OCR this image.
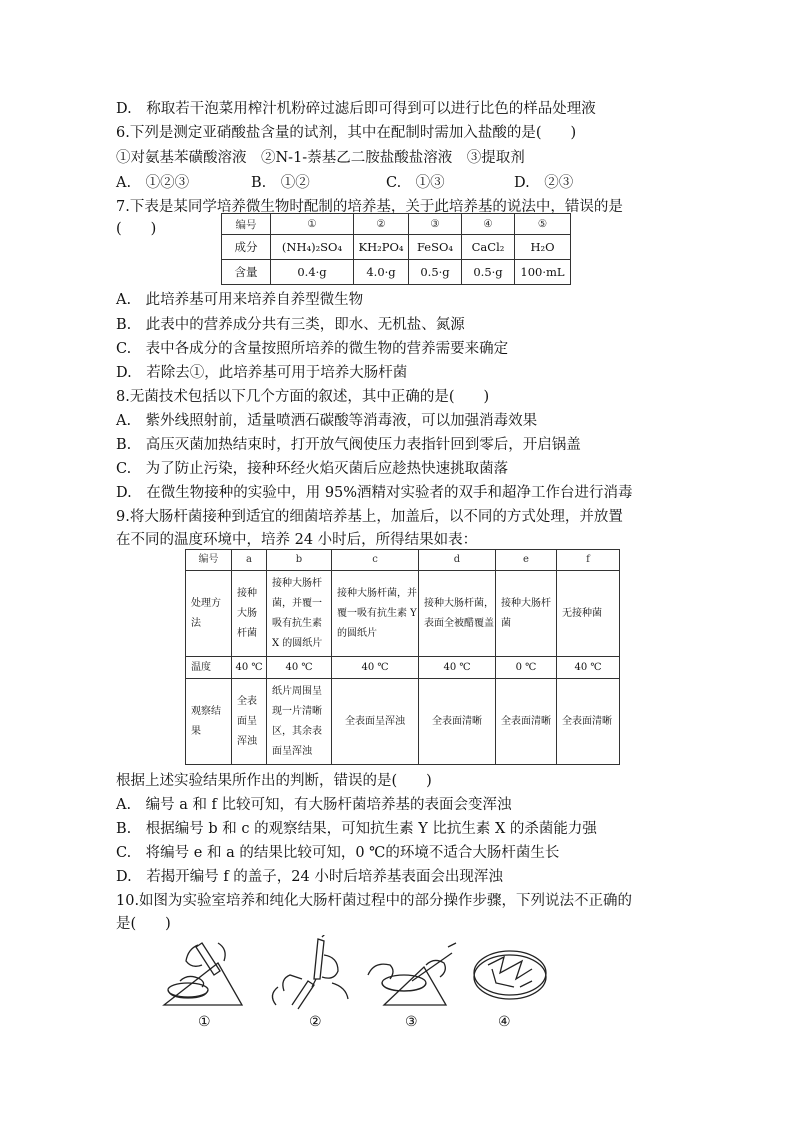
D.　称取若干泡菜用榨汁机粉碎过滤后即可得到可以进行比色的样品处理液
6.下列是测定亚硝酸盐含量的试剂，其中在配制时需加入盐酸的是(　　)
①对氨基苯磺酸溶液　②N-1-萘基乙二胺盐酸盐溶液　③提取剂
A.　①②③	B.　①②	C.　①③	D.　②③
7.下表是某同学培养微生物时配制的培养基，关于此培养基的说法中，错误的是
(　　)	编号	①	②	③	④	⑤
成分	(NH₄)₂SO₄	KH₂PO₄	FeSO₄	CaCl₂	H₂O
含量	0.4·g	4.0·g	0.5·g	0.5·g	100·mL
A.　此培养基可用来培养自养型微生物
B.　此表中的营养成分共有三类，即水、无机盐、氮源
C.　表中各成分的含量按照所培养的微生物的营养需要来确定
D.　若除去①，此培养基可用于培养大肠杆菌
8.无菌技术包括以下几个方面的叙述，其中正确的是(　　)
A.　紫外线照射前，适量喷洒石碳酸等消毒液，可以加强消毒效果
B.　高压灭菌加热结束时，打开放气阀使压力表指针回到零后，开启锅盖
C.　为了防止污染，接种环经火焰灭菌后应趁热快速挑取菌落
D.　在微生物接种的实验中，用 95%酒精对实验者的双手和超净工作台进行消毒
9.将大肠杆菌接种到适宜的细菌培养基上，加盖后，以不同的方式处理，并放置
在不同的温度环境中，培养 24 小时后，所得结果如表：
编号	a	b	c	d	e	f
处理方法	接种大肠杆菌	接种大肠杆菌，并覆一吸有抗生素 X 的圆纸片	接种大肠杆菌，并覆一吸有抗生素 Y 的圆纸片	接种大肠杆菌，表面全被醋覆盖	接种大肠杆菌	无接种菌
温度	40 ℃	40 ℃	40 ℃	40 ℃	0 ℃	40 ℃
观察结果	全表面呈浑浊	纸片周围呈现一片清晰区，其余表面呈浑浊	全表面呈浑浊	全表面清晰	全表面清晰	全表面清晰
根据上述实验结果所作出的判断，错误的是(　　)
A.　编号 a 和 f 比较可知，有大肠杆菌培养基的表面会变浑浊
B.　根据编号 b 和 c 的观察结果，可知抗生素 Y 比抗生素 X 的杀菌能力强
C.　将编号 e 和 a 的结果比较可知，0 ℃的环境不适合大肠杆菌生长
D.　若揭开编号 f 的盖子，24 小时后培养基表面会出现浑浊
10.如图为实验室培养和纯化大肠杆菌过程中的部分操作步骤，下列说法不正确的
是(　　)
①	②	③	④
